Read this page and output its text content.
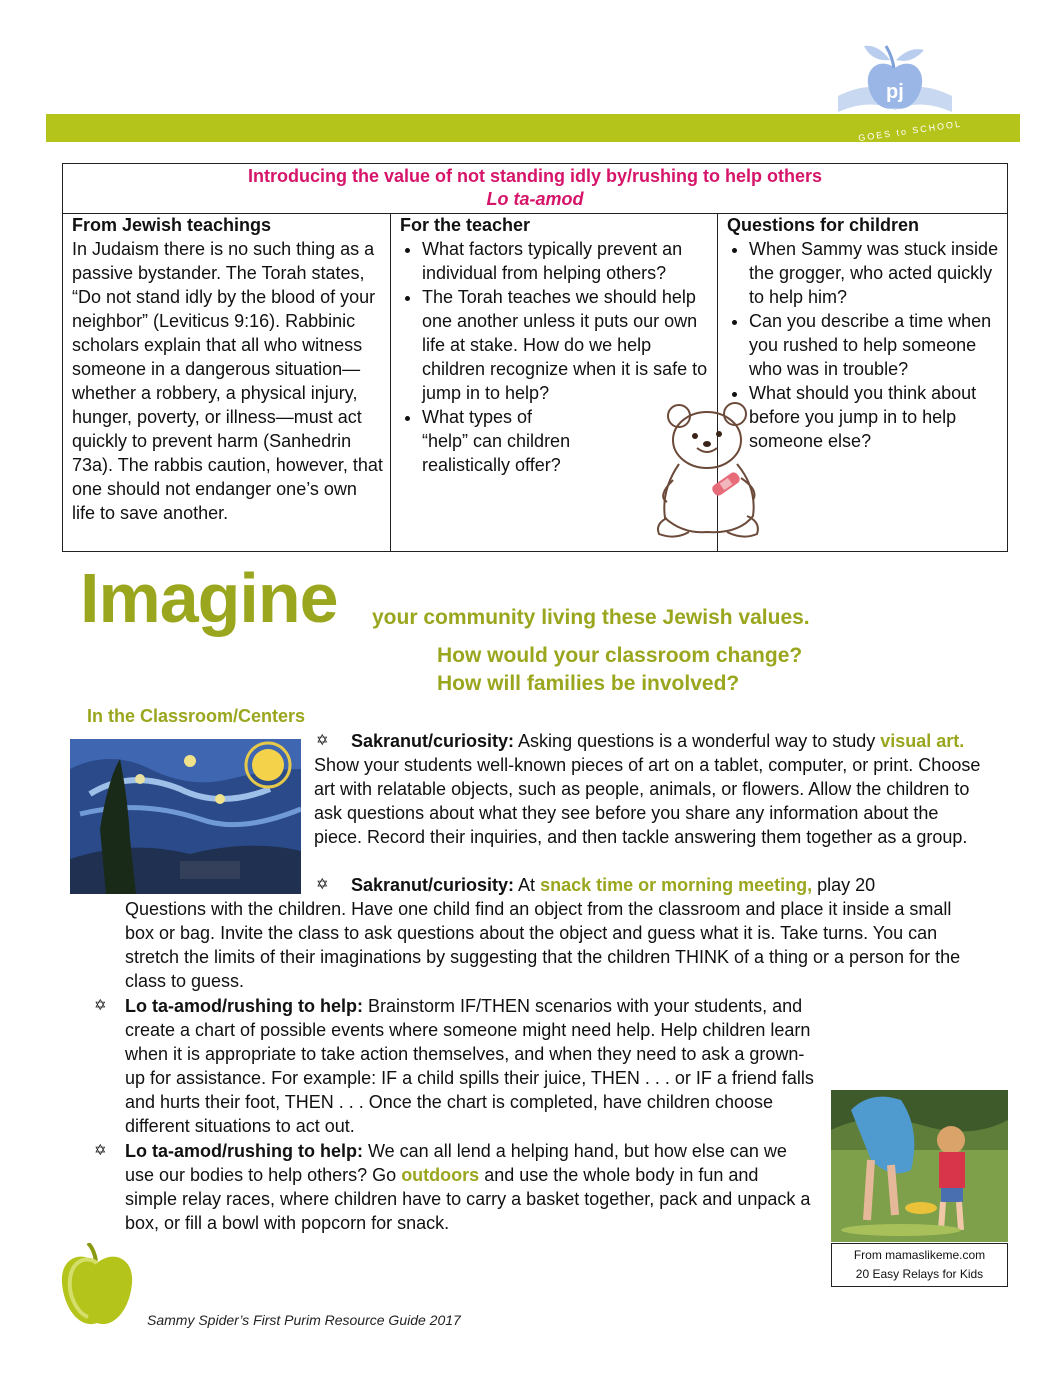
pj
GOES to SCHOOL
Introducing the value of not standing idly by/rushing to help others
Lo ta-amod
From Jewish teachings

In Judaism there is no such thing as a passive bystander. The Torah states, “Do not stand idly by the blood of your neighbor” (Leviticus 9:16). Rabbinic scholars explain that all who witness someone in a dangerous situation—whether a robbery, a physical injury, hunger, poverty, or illness—must act quickly to prevent harm (Sanhedrin 73a). The rabbis caution, however, that one should not endanger one’s own life to save another.

For the teacher
• What factors typically prevent an individual from helping others?
• The Torah teaches we should help one another unless it puts our own life at stake. How do we help children recognize when it is safe to jump in to help?
• What types of “help” can children realistically offer?
Questions for children
• When Sammy was stuck inside the grogger, who acted quickly to help him?
• Can you describe a time when you rushed to help someone who was in trouble?
• What should you think about before you jump in to help someone else?
Imagine your community living these Jewish values.
How would your classroom change?
How will families be involved?
In the Classroom/Centers
✡	Sakranut/curiosity: Asking questions is a wonderful way to study visual art. Show your students well-known pieces of art on a tablet, computer, or print. Choose art with relatable objects, such as people, animals, or flowers. Allow the children to ask questions about what they see before you share any information about the piece. Record their inquiries, and then tackle answering them together as a group.
✡ Sakranut/curiosity: At snack time or morning meeting, play 20
Questions with the children. Have one child find an object from the classroom and place it inside a small box or bag. Invite the class to ask questions about the object and guess what it is. Take turns. You can stretch the limits of their imaginations by suggesting that the children THINK of a thing or a person for the class to guess.
✡ Lo ta-amod/rushing to help: Brainstorm IF/THEN scenarios with your students, and create a chart of possible events where someone might need help. Help children learn when it is appropriate to take action themselves, and when they need to ask a grown-up for assistance. For example: IF a child spills their juice, THEN . . . or IF a friend falls and hurts their foot, THEN . . . Once the chart is completed, have children choose different situations to act out.
✡ Lo ta-amod/rushing to help: We can all lend a helping hand, but how else can we use our bodies to help others? Go outdoors and use the whole body in fun and simple relay races, where children have to carry a basket together, pack and unpack a box, or fill a bowl with popcorn for snack.
From mamaslikeme.com
20 Easy Relays for Kids
Sammy Spider’s First Purim Resource Guide 2017
